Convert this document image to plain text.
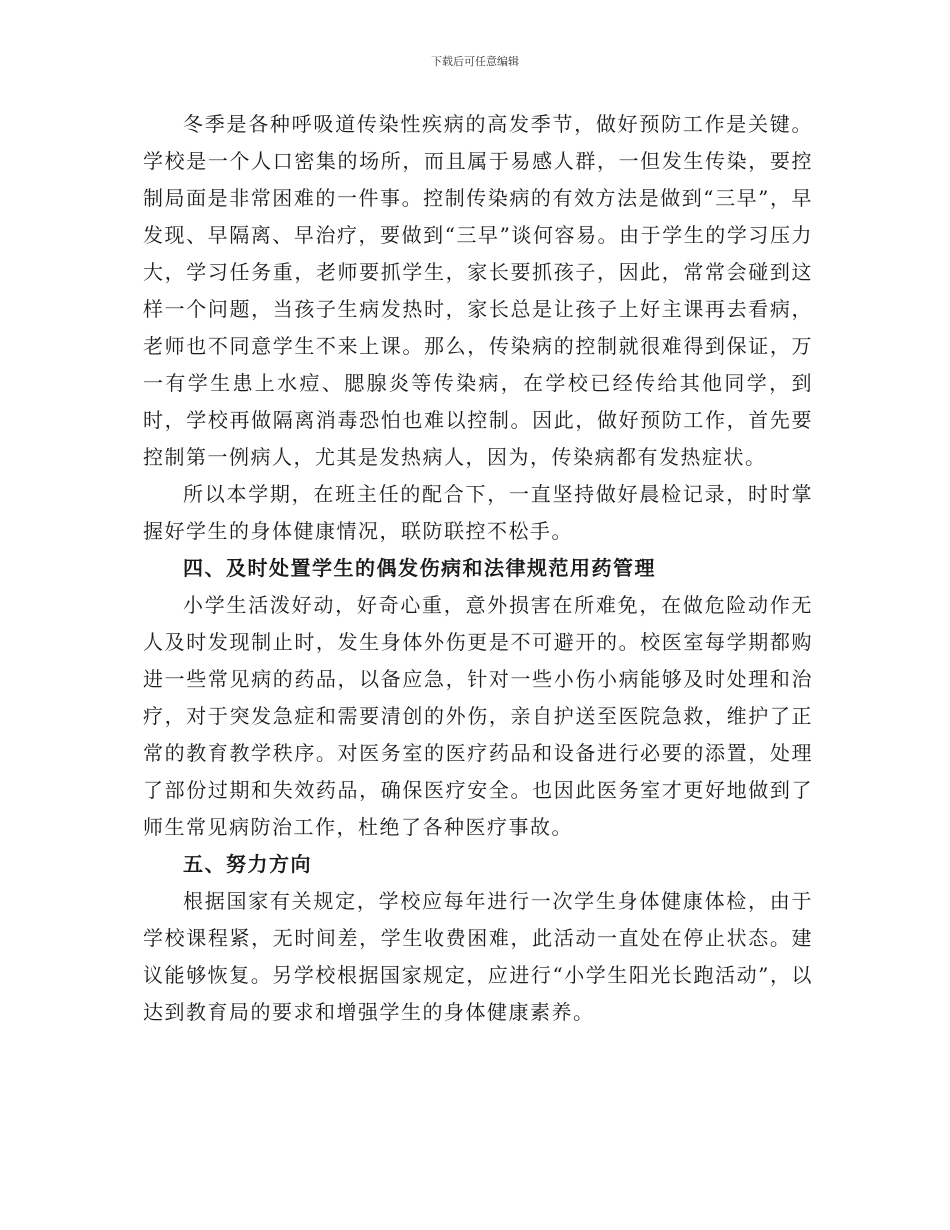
下载后可任意编辑

冬季是各种呼吸道传染性疾病的高发季节，做好预防工作是关键。学校是一个人口密集的场所，而且属于易感人群，一但发生传染，要控制局面是非常困难的一件事。控制传染病的有效方法是做到“三早”，早发现、早隔离、早治疗，要做到“三早”谈何容易。由于学生的学习压力大，学习任务重，老师要抓学生，家长要抓孩子，因此，常常会碰到这样一个问题，当孩子生病发热时，家长总是让孩子上好主课再去看病，老师也不同意学生不来上课。那么，传染病的控制就很难得到保证，万一有学生患上水痘、腮腺炎等传染病，在学校已经传给其他同学，到时，学校再做隔离消毒恐怕也难以控制。因此，做好预防工作，首先要控制第一例病人，尤其是发热病人，因为，传染病都有发热症状。

所以本学期，在班主任的配合下，一直坚持做好晨检记录，时时掌握好学生的身体健康情况，联防联控不松手。

四、及时处置学生的偶发伤病和法律规范用药管理

小学生活泼好动，好奇心重，意外损害在所难免，在做危险动作无人及时发现制止时，发生身体外伤更是不可避开的。校医室每学期都购进一些常见病的药品，以备应急，针对一些小伤小病能够及时处理和治疗，对于突发急症和需要清创的外伤，亲自护送至医院急救，维护了正常的教育教学秩序。对医务室的医疗药品和设备进行必要的添置，处理了部份过期和失效药品，确保医疗安全。也因此医务室才更好地做到了师生常见病防治工作，杜绝了各种医疗事故。

五、努力方向

根据国家有关规定，学校应每年进行一次学生身体健康体检，由于学校课程紧，无时间差，学生收费困难，此活动一直处在停止状态。建议能够恢复。另学校根据国家规定，应进行“小学生阳光长跑活动”，以达到教育局的要求和增强学生的身体健康素养。
